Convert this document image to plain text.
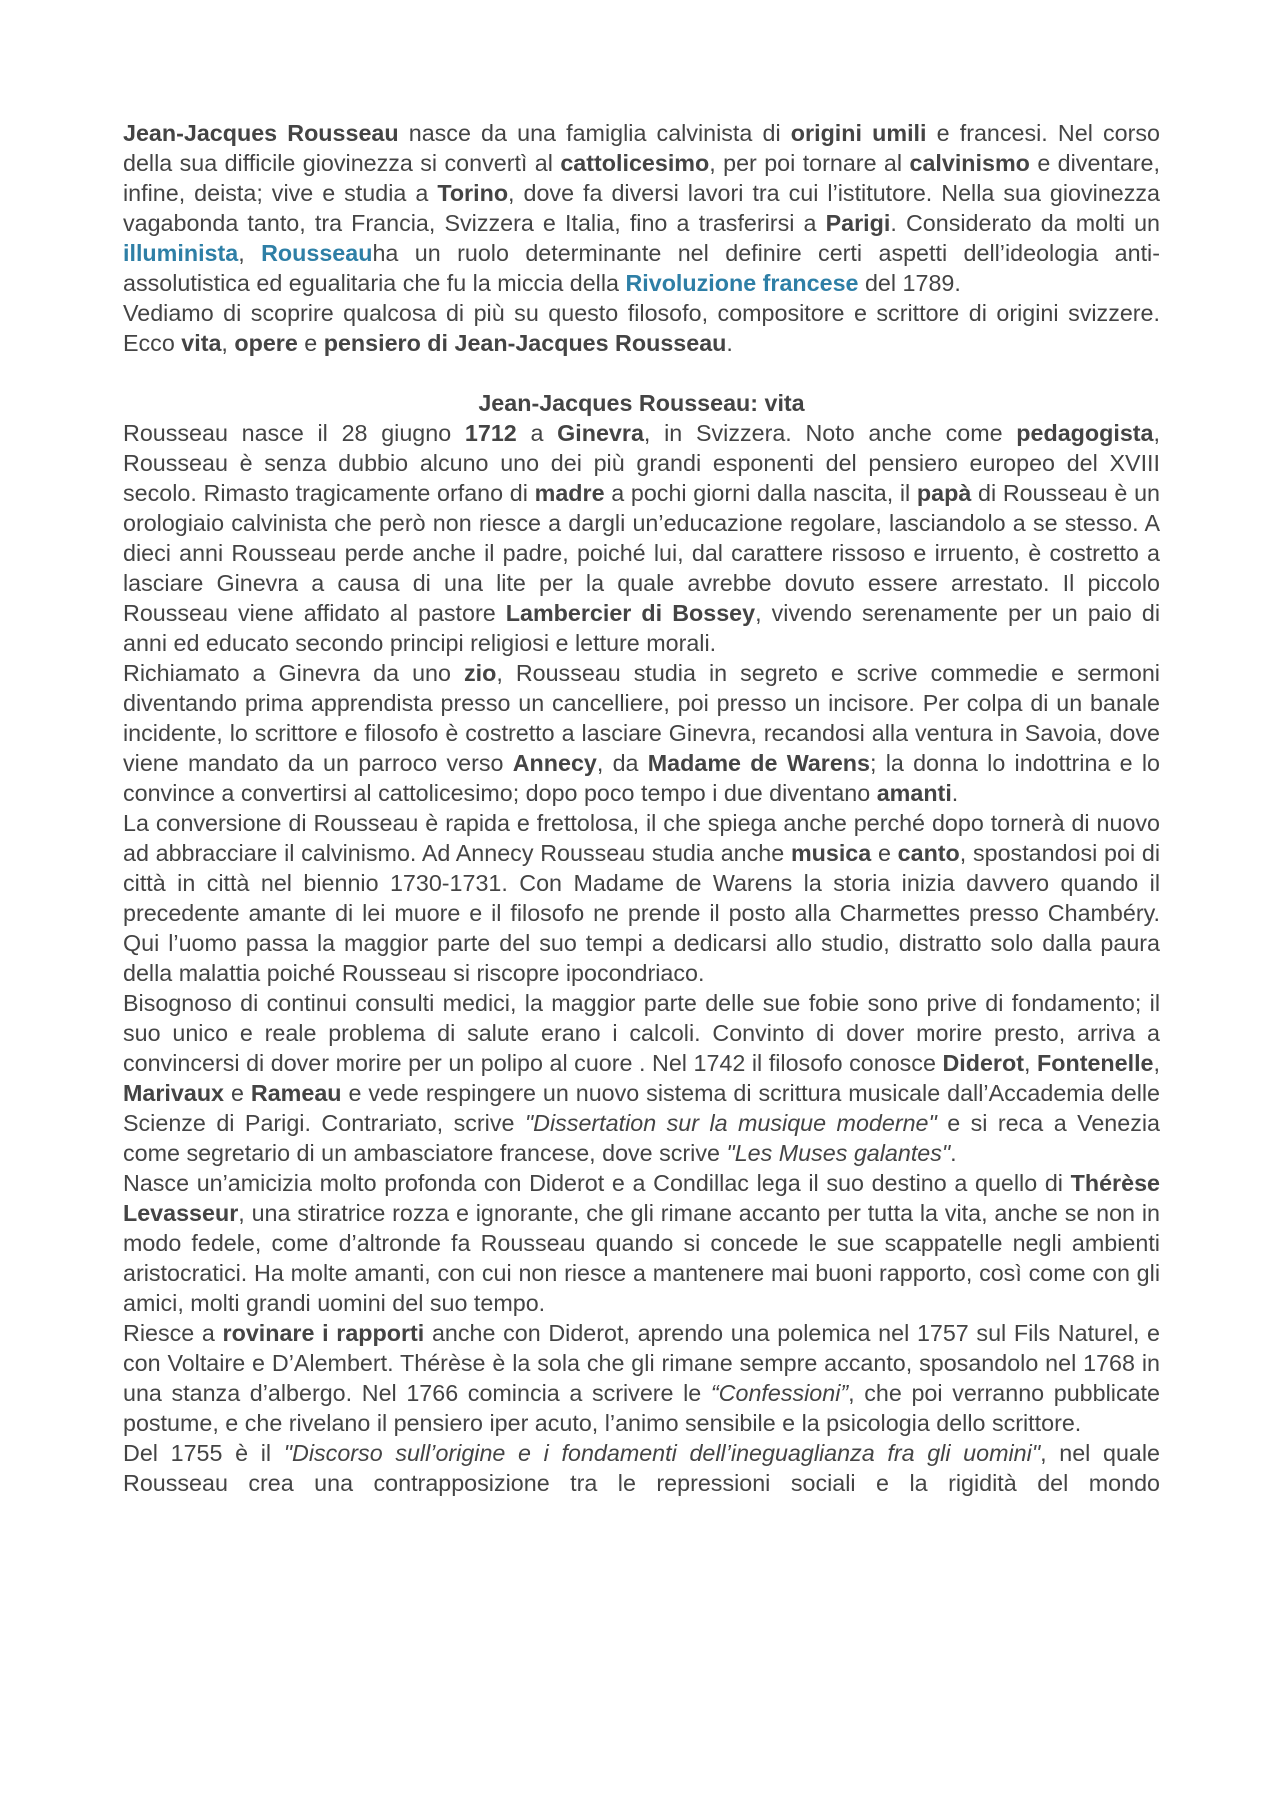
Jean-Jacques Rousseau nasce da una famiglia calvinista di origini umili e francesi. Nel corso della sua difficile giovinezza si convertì al cattolicesimo, per poi tornare al calvinismo e diventare, infine, deista; vive e studia a Torino, dove fa diversi lavori tra cui l’istitutore. Nella sua giovinezza vagabonda tanto, tra Francia, Svizzera e Italia, fino a trasferirsi a Parigi. Considerato da molti un illuminista, Rousseauha un ruolo determinante nel definire certi aspetti dell’ideologia anti-assolutistica ed egualitaria che fu la miccia della Rivoluzione francese del 1789.

Vediamo di scoprire qualcosa di più su questo filosofo, compositore e scrittore di origini svizzere. Ecco vita, opere e pensiero di Jean-Jacques Rousseau.

Jean-Jacques Rousseau: vita

Rousseau nasce il 28 giugno 1712 a Ginevra, in Svizzera. Noto anche come pedagogista, Rousseau è senza dubbio alcuno uno dei più grandi esponenti del pensiero europeo del XVIII secolo. Rimasto tragicamente orfano di madre a pochi giorni dalla nascita, il papà di Rousseau è un orologiaio calvinista che però non riesce a dargli un’educazione regolare, lasciandolo a se stesso. A dieci anni Rousseau perde anche il padre, poiché lui, dal carattere rissoso e irruento, è costretto a lasciare Ginevra a causa di una lite per la quale avrebbe dovuto essere arrestato. Il piccolo Rousseau viene affidato al pastore Lambercier di Bossey, vivendo serenamente per un paio di anni ed educato secondo principi religiosi e letture morali.

Richiamato a Ginevra da uno zio, Rousseau studia in segreto e scrive commedie e sermoni diventando prima apprendista presso un cancelliere, poi presso un incisore. Per colpa di un banale incidente, lo scrittore e filosofo è costretto a lasciare Ginevra, recandosi alla ventura in Savoia, dove viene mandato da un parroco verso Annecy, da Madame de Warens; la donna lo indottrina e lo convince a convertirsi al cattolicesimo; dopo poco tempo i due diventano amanti.

La conversione di Rousseau è rapida e frettolosa, il che spiega anche perché dopo tornerà di nuovo ad abbracciare il calvinismo. Ad Annecy Rousseau studia anche musica e canto, spostandosi poi di città in città nel biennio 1730-1731. Con Madame de Warens la storia inizia davvero quando il precedente amante di lei muore e il filosofo ne prende il posto alla Charmettes presso Chambéry. Qui l’uomo passa la maggior parte del suo tempi a dedicarsi allo studio, distratto solo dalla paura della malattia poiché Rousseau si riscopre ipocondriaco.

Bisognoso di continui consulti medici, la maggior parte delle sue fobie sono prive di fondamento; il suo unico e reale problema di salute erano i calcoli. Convinto di dover morire presto, arriva a convincersi di dover morire per un polipo al cuore . Nel 1742 il filosofo conosce Diderot, Fontenelle, Marivaux e Rameau e vede respingere un nuovo sistema di scrittura musicale dall’Accademia delle Scienze di Parigi. Contrariato, scrive "Dissertation sur la musique moderne" e si reca a Venezia come segretario di un ambasciatore francese, dove scrive "Les Muses galantes".

Nasce un’amicizia molto profonda con Diderot e a Condillac lega il suo destino a quello di Thérèse Levasseur, una stiratrice rozza e ignorante, che gli rimane accanto per tutta la vita, anche se non in modo fedele, come d’altronde fa Rousseau quando si concede le sue scappatelle negli ambienti aristocratici. Ha molte amanti, con cui non riesce a mantenere mai buoni rapporto, così come con gli amici, molti grandi uomini del suo tempo.

Riesce a rovinare i rapporti anche con Diderot, aprendo una polemica nel 1757 sul Fils Naturel, e con Voltaire e D’Alembert. Thérèse è la sola che gli rimane sempre accanto, sposandolo nel 1768 in una stanza d’albergo. Nel 1766 comincia a scrivere le “Confessioni”, che poi verranno pubblicate postume, e che rivelano il pensiero iper acuto, l’animo sensibile e la psicologia dello scrittore.

Del 1755 è il "Discorso sull’origine e i fondamenti dell’ineguaglianza fra gli uomini", nel quale Rousseau crea una contrapposizione tra le repressioni sociali e la rigidità del mondo
